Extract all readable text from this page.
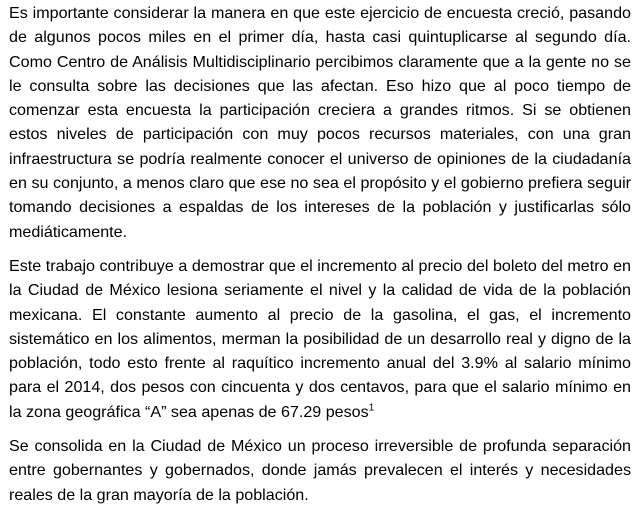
Es importante considerar la manera en que este ejercicio de encuesta creció, pasando de algunos pocos miles en el primer día, hasta casi quintuplicarse al segundo día. Como Centro de Análisis Multidisciplinario percibimos claramente que a la gente no se le consulta sobre las decisiones que las afectan. Eso hizo que al poco tiempo de comenzar esta encuesta la participación creciera a grandes ritmos. Si se obtienen estos niveles de participación con muy pocos recursos materiales, con una gran infraestructura se podría realmente conocer el universo de opiniones de la ciudadanía en su conjunto, a menos claro que ese no sea el propósito y el gobierno prefiera seguir tomando decisiones a espaldas de los intereses de la población y justificarlas sólo mediáticamente.

Este trabajo contribuye a demostrar que el incremento al precio del boleto del metro en la Ciudad de México lesiona seriamente el nivel y la calidad de vida de la población mexicana. El constante aumento al precio de la gasolina, el gas, el incremento sistemático en los alimentos, merman la posibilidad de un desarrollo real y digno de la población, todo esto frente al raquítico incremento anual del 3.9% al salario mínimo para el 2014, dos pesos con cincuenta y dos centavos, para que el salario mínimo en la zona geográfica “A” sea apenas de 67.29 pesos$^1$

Se consolida en la Ciudad de México un proceso irreversible de profunda separación entre gobernantes y gobernados, donde jamás prevalecen el interés y necesidades reales de la gran mayoría de la población.
